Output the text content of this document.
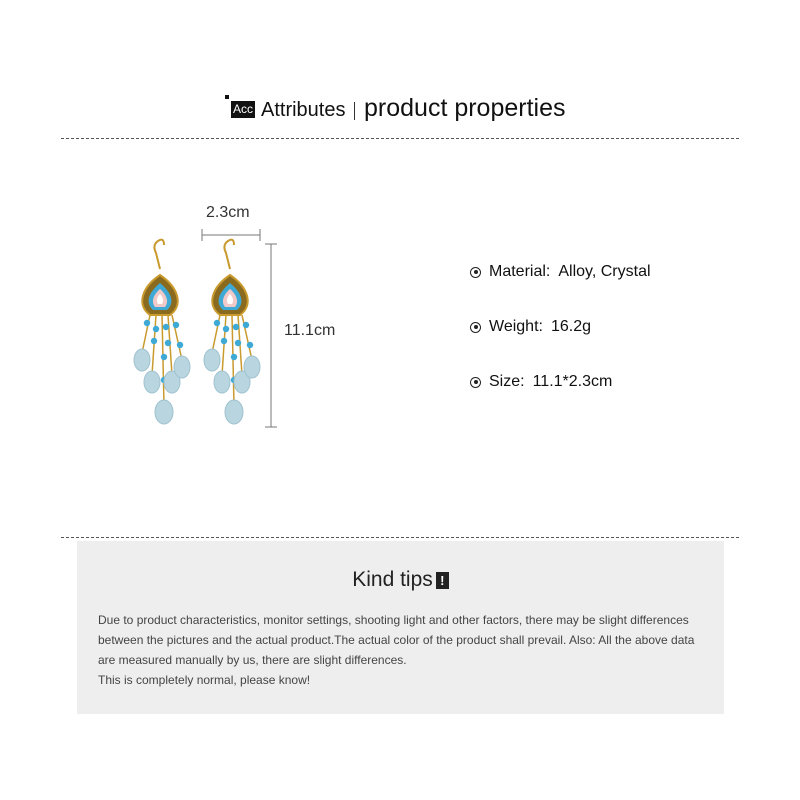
Acc Attributes product properties
2.3cm
11.1cm
Material: Alloy, Crystal
Weight: 16.2g
Size: 11.1*2.3cm
Kind tips !

Due to product characteristics, monitor settings, shooting light and other factors, there may be slight differences between the pictures and the actual product.The actual color of the product shall prevail. Also: All the above data are measured manually by us, there are slight differences.

This is completely normal, please know!
